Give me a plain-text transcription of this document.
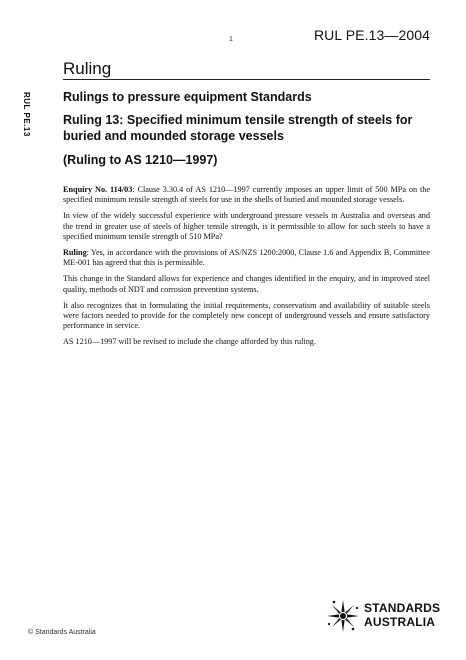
1	RUL PE.13—2004
RUL PE.13
Ruling
Rulings to pressure equipment Standards
Ruling 13: Specified minimum tensile strength of steels for buried and mounded storage vessels
(Ruling to AS 1210—1997)

Enquiry No. 114/03: Clause 3.30.4 of AS 1210—1997 currently imposes an upper limit of 500 MPa on the specified minimum tensile strength of steels for use in the shells of buried and mounded storage vessels.

In view of the widely successful experience with underground pressure vessels in Australia and overseas and the trend in greater use of steels of higher tensile strength, is it permissible to allow for such steels to have a specified minimum tensile strength of 510 MPa?

Ruling: Yes, in accordance with the provisions of AS/NZS 1200:2000, Clause 1.6 and Appendix B, Committee ME-001 has agreed that this is permissible.

This change in the Standard allows for experience and changes identified in the enquiry, and in improved steel quality, methods of NDT and corrosion prevention systems.

It also recognizes that in formulating the initial requirements, conservatism and availability of suitable steels were factors needed to provide for the completely new concept of underground vessels and ensure satisfactory performance in service.

AS 1210—1997 will be revised to include the change afforded by this ruling.

© Standards Australia
STANDARDS
AUSTRALIA
